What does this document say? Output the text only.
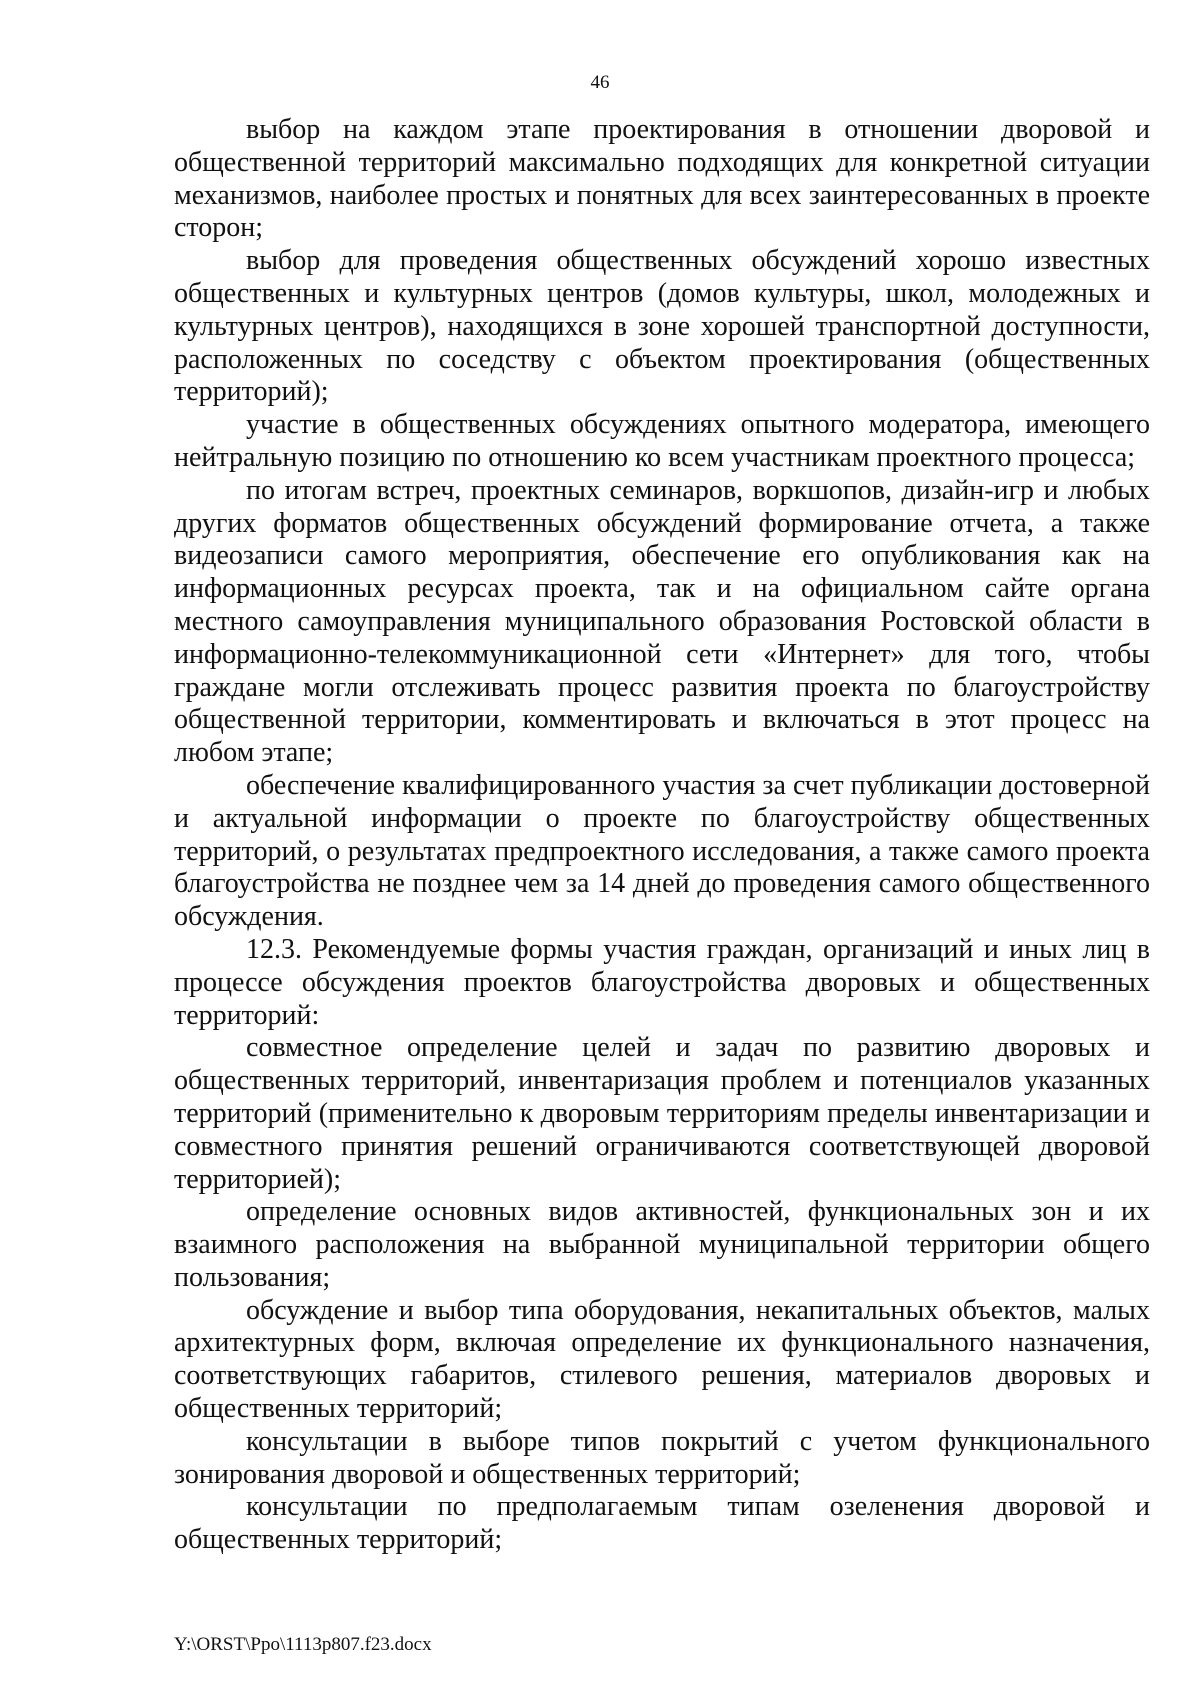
46

выбор на каждом этапе проектирования в отношении дворовой и общественной территорий максимально подходящих для конкретной ситуации механизмов, наиболее простых и понятных для всех заинтересованных в проекте сторон;

выбор для проведения общественных обсуждений хорошо известных общественных и культурных центров (домов культуры, школ, молодежных и культурных центров), находящихся в зоне хорошей транспортной доступности, расположенных по соседству с объектом проектирования (общественных территорий);

участие в общественных обсуждениях опытного модератора, имеющего нейтральную позицию по отношению ко всем участникам проектного процесса;

по итогам встреч, проектных семинаров, воркшопов, дизайн-игр и любых других форматов общественных обсуждений формирование отчета, а также видеозаписи самого мероприятия, обеспечение его опубликования как на информационных ресурсах проекта, так и на официальном сайте органа местного самоуправления муниципального образования Ростовской области в информационно-телекоммуникационной сети «Интернет» для того, чтобы граждане могли отслеживать процесс развития проекта по благоустройству общественной территории, комментировать и включаться в этот процесс на любом этапе;

обеспечение квалифицированного участия за счет публикации достоверной и актуальной информации о проекте по благоустройству общественных территорий, о результатах предпроектного исследования, а также самого проекта благоустройства не позднее чем за 14 дней до проведения самого общественного обсуждения.

12.3. Рекомендуемые формы участия граждан, организаций и иных лиц в процессе обсуждения проектов благоустройства дворовых и общественных территорий:

совместное определение целей и задач по развитию дворовых и общественных территорий, инвентаризация проблем и потенциалов указанных территорий (применительно к дворовым территориям пределы инвентаризации и совместного принятия решений ограничиваются соответствующей дворовой территорией);

определение основных видов активностей, функциональных зон и их взаимного расположения на выбранной муниципальной территории общего пользования;

обсуждение и выбор типа оборудования, некапитальных объектов, малых архитектурных форм, включая определение их функционального назначения, соответствующих габаритов, стилевого решения, материалов дворовых и общественных территорий;

консультации в выборе типов покрытий с учетом функционального зонирования дворовой и общественных территорий;

консультации по предполагаемым типам озеленения дворовой и общественных территорий;

Y:\ORST\Ppo\1113p807.f23.docx
